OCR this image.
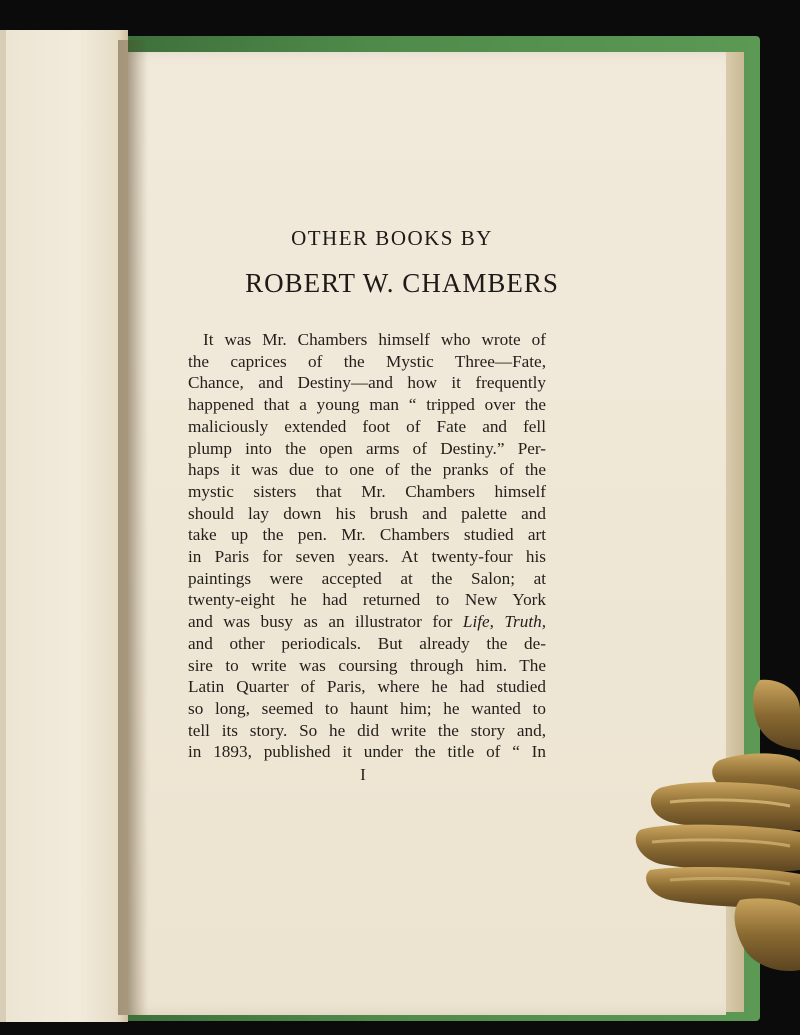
OTHER BOOKS BY
ROBERT W. CHAMBERS
It was Mr. Chambers himself who wrote of
the caprices of the Mystic Three—Fate,
Chance, and Destiny—and how it frequently
happened that a young man “ tripped over the
maliciously extended foot of Fate and fell
plump into the open arms of Destiny.” Per-
haps it was due to one of the pranks of the
mystic sisters that Mr. Chambers himself
should lay down his brush and palette and
take up the pen. Mr. Chambers studied art
in Paris for seven years. At twenty-four his
paintings were accepted at the Salon; at
twenty-eight he had returned to New York
and was busy as an illustrator for Life, Truth,
and other periodicals. But already the de-
sire to write was coursing through him. The
Latin Quarter of Paris, where he had studied
so long, seemed to haunt him; he wanted to
tell its story. So he did write the story and,
in 1893, published it under the title of “ In
I
